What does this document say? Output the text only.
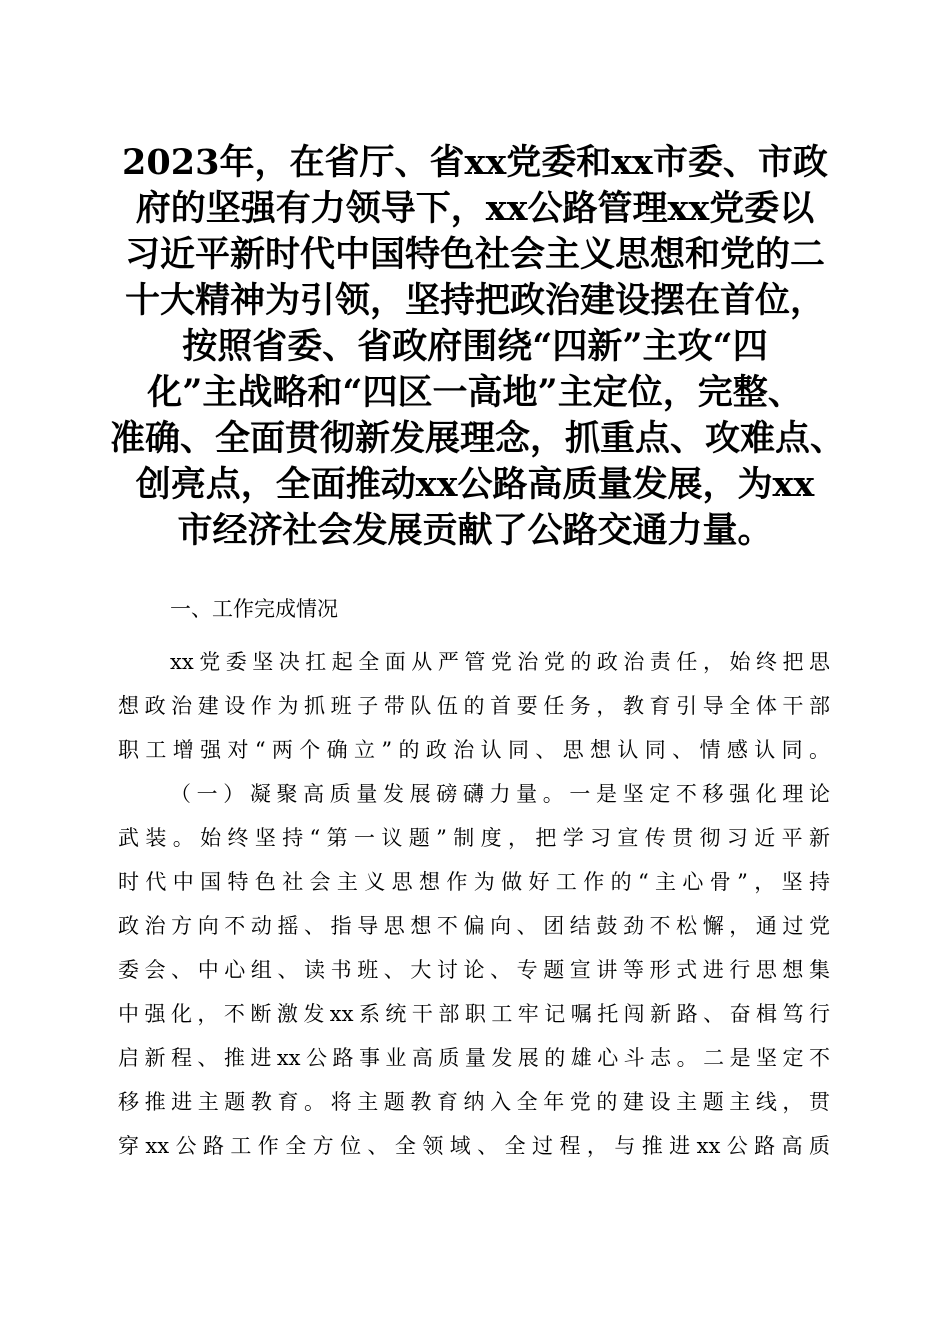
2023年，在省厅、省xx党委和xx市委、市政
府的坚强有力领导下，xx公路管理xx党委以
习近平新时代中国特色社会主义思想和党的二
十大精神为引领，坚持把政治建设摆在首位，
按照省委、省政府围绕“四新”主攻“四
化”主战略和“四区一高地”主定位，完整、
准确、全面贯彻新发展理念，抓重点、攻难点、
创亮点，全面推动xx公路高质量发展，为xx
市经济社会发展贡献了公路交通力量。
一、工作完成情况
xx党委坚决扛起全面从严管党治党的政治责任，始终把思
想政治建设作为抓班子带队伍的首要任务，教育引导全体干部
职工增强对“两个确立”的政治认同、思想认同、情感认同。
（一）凝聚高质量发展磅礴力量。一是坚定不移强化理论
武装。始终坚持“第一议题”制度，把学习宣传贯彻习近平新
时代中国特色社会主义思想作为做好工作的“主心骨”，坚持
政治方向不动摇、指导思想不偏向、团结鼓劲不松懈，通过党
委会、中心组、读书班、大讨论、专题宣讲等形式进行思想集
中强化，不断激发xx系统干部职工牢记嘱托闯新路、奋楫笃行
启新程、推进xx公路事业高质量发展的雄心斗志。二是坚定不
移推进主题教育。将主题教育纳入全年党的建设主题主线，贯
穿xx公路工作全方位、全领域、全过程，与推进xx公路高质
